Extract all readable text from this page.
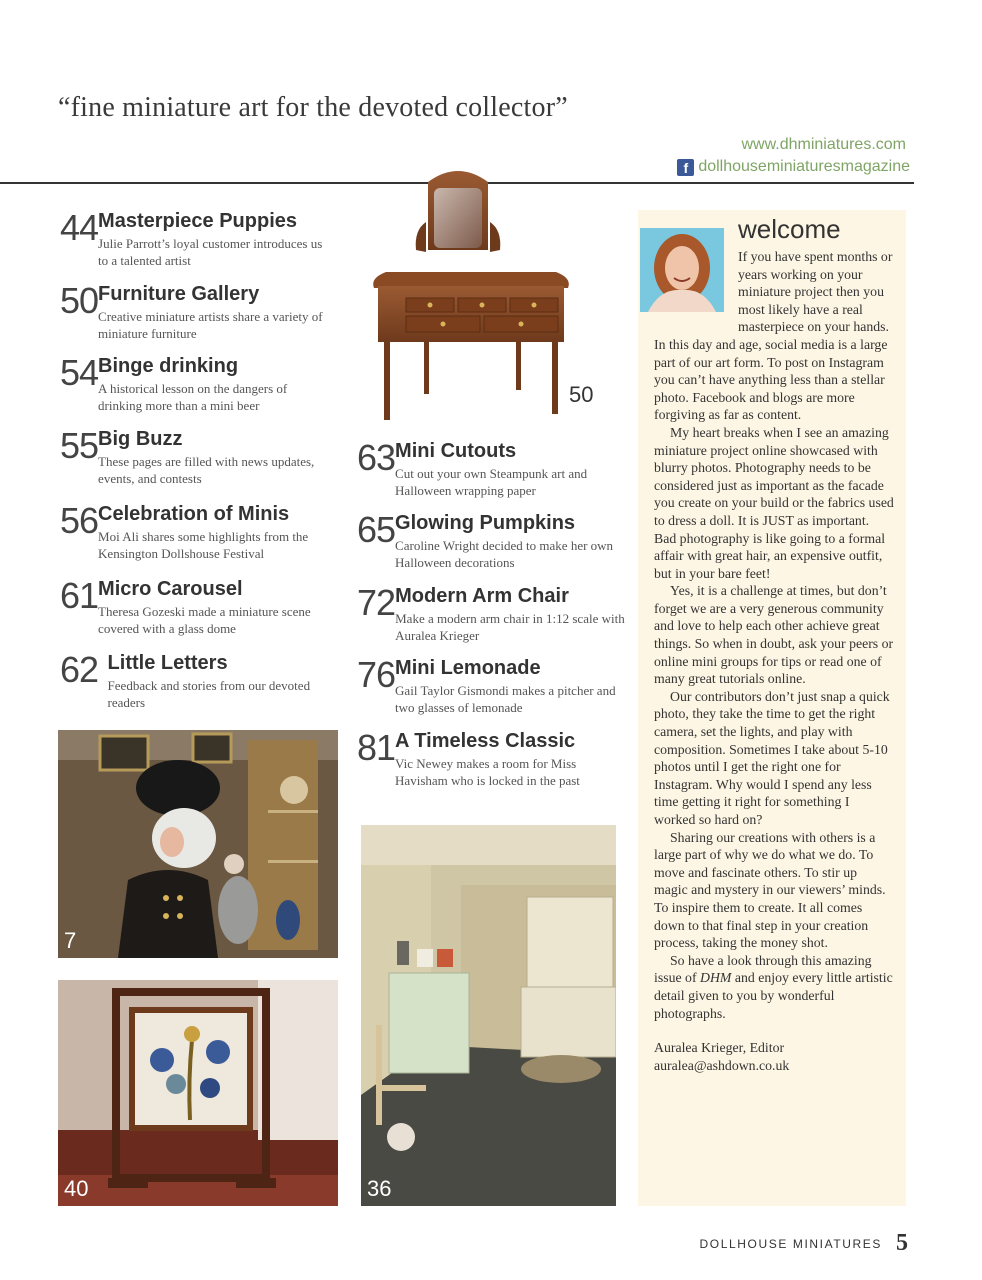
“fine miniature art for the devoted collector”
www.dhminiatures.com
f dollhouseminiaturesmagazine
44 Masterpiece Puppies
Julie Parrott’s loyal customer introduces us to a talented artist
50 Furniture Gallery
Creative miniature artists share a variety of miniature furniture
54 Binge drinking
A historical lesson on the dangers of drinking more than a mini beer
55 Big Buzz
These pages are filled with news updates, events, and contests
56 Celebration of Minis
Moi Ali shares some highlights from the Kensington Dollshouse Festival
61 Micro Carousel
Theresa Gozeski made a miniature scene covered with a glass dome
62 Little Letters
Feedback and stories from our devoted readers
63 Mini Cutouts
Cut out your own Steampunk art and Halloween wrapping paper
65 Glowing Pumpkins
Caroline Wright decided to make her own Halloween decorations
72 Modern Arm Chair
Make a modern arm chair in 1:12 scale with Auralea Krieger
76 Mini Lemonade
Gail Taylor Gismondi makes a pitcher and two glasses of lemonade
81 A Timeless Classic
Vic Newey makes a room for Miss Havisham who is locked in the past
50
7
40	36
welcome

If you have spent months or years working on your miniature project then you most likely have a real masterpiece on your hands. In this day and age, social media is a large part of our art form. To post on Instagram you can’t have anything less than a stellar photo. Facebook and blogs are more forgiving as far as content.

My heart breaks when I see an amazing miniature project online showcased with blurry photos. Photography needs to be considered just as important as the facade you create on your build or the fabrics used to dress a doll. It is JUST as important. Bad photography is like going to a formal affair with great hair, an expensive outfit, but in your bare feet!

Yes, it is a challenge at times, but don’t forget we are a very generous community and love to help each other achieve great things. So when in doubt, ask your peers or online mini groups for tips or read one of many great tutorials online.

Our contributors don’t just snap a quick photo, they take the time to get the right camera, set the lights, and play with composition. Sometimes I take about 5-10 photos until I get the right one for Instagram. Why would I spend any less time getting it right for something I worked so hard on?

Sharing our creations with others is a large part of why we do what we do. To move and fascinate others. To stir up magic and mystery in our viewers’ minds. To inspire them to create. It all comes down to that final step in your creation process, taking the money shot.

So have a look through this amazing issue of DHM and enjoy every little artistic detail given to you by wonderful photographs.

Auralea Krieger, Editor

auralea@ashdown.co.uk

DOLLHOUSE MINIATURES 5
